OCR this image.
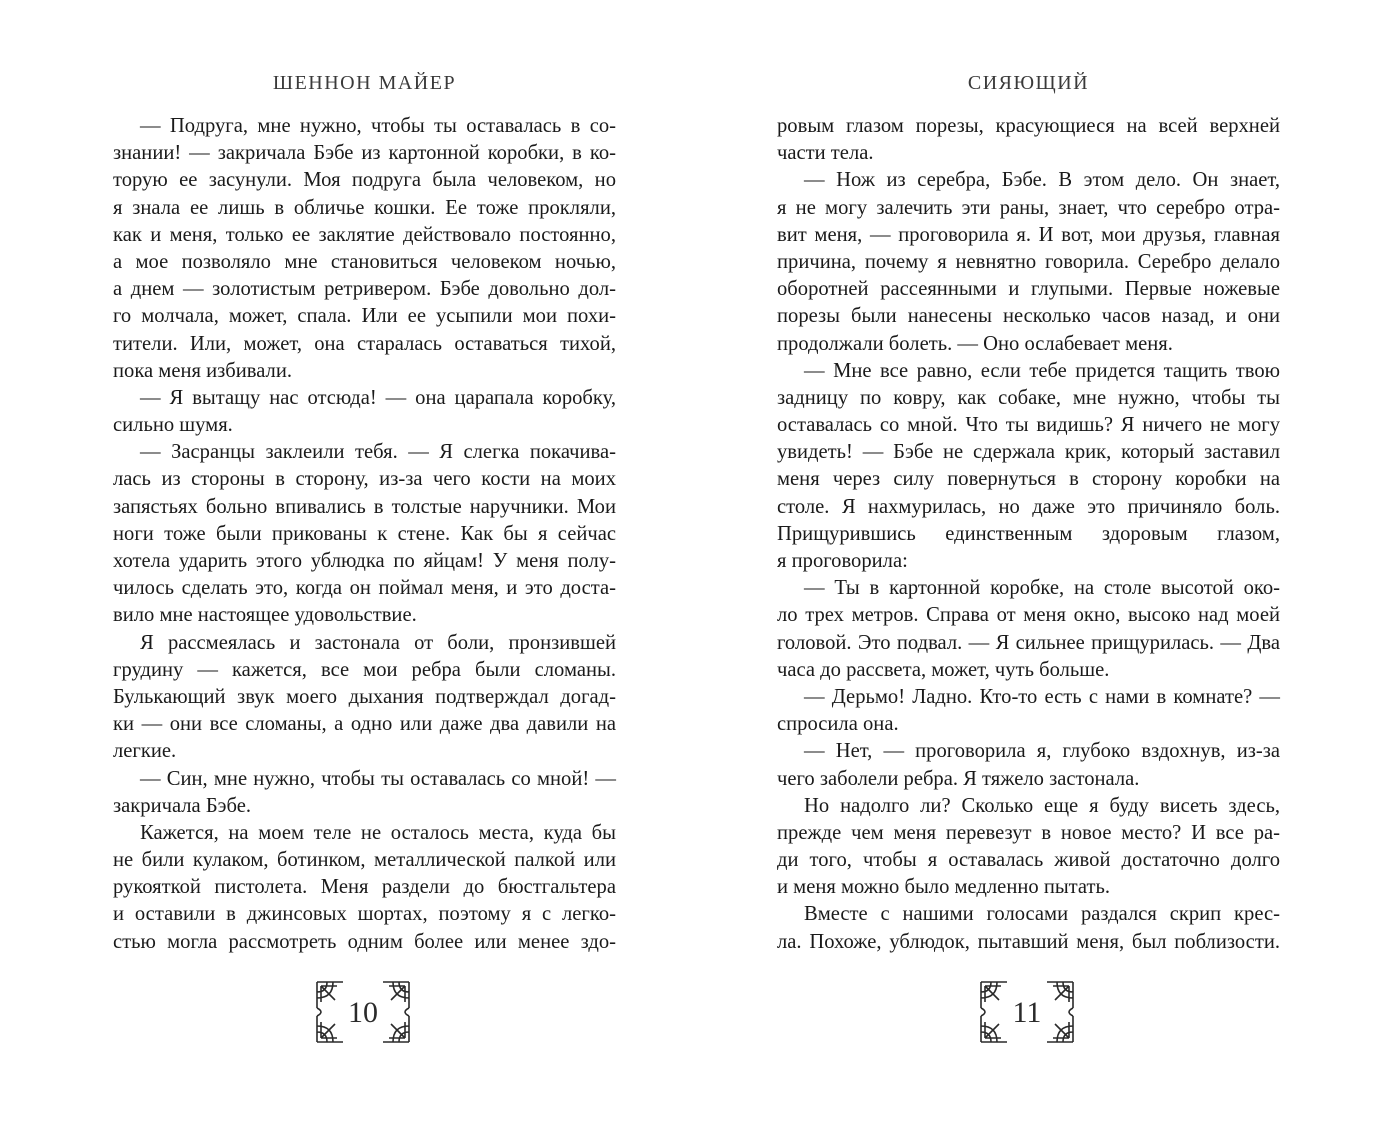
ШЕННОН МАЙЕР
— Подруга, мне нужно, чтобы ты оставалась в со-
знании! — закричала Бэбе из картонной коробки, в ко-
торую ее засунули. Моя подруга была человеком, но
я знала ее лишь в обличье кошки. Ее тоже прокляли,
как и меня, только ее заклятие действовало постоянно,
а мое позволяло мне становиться человеком ночью,
а днем — золотистым ретривером. Бэбе довольно дол-
го молчала, может, спала. Или ее усыпили мои похи-
тители. Или, может, она старалась оставаться тихой,
пока меня избивали.
— Я вытащу нас отсюда! — она царапала коробку,
сильно шумя.
— Засранцы заклеили тебя. — Я слегка покачива-
лась из стороны в сторону, из-за чего кости на моих
запястьях больно впивались в толстые наручники. Мои
ноги тоже были прикованы к стене. Как бы я сейчас
хотела ударить этого ублюдка по яйцам! У меня полу-
чилось сделать это, когда он поймал меня, и это доста-
вило мне настоящее удовольствие.
Я рассмеялась и застонала от боли, пронзившей
грудину — кажется, все мои ребра были сломаны.
Булькающий звук моего дыхания подтверждал догад-
ки — они все сломаны, а одно или даже два давили на
легкие.
— Син, мне нужно, чтобы ты оставалась со мной! —
закричала Бэбе.
Кажется, на моем теле не осталось места, куда бы
не били кулаком, ботинком, металлической палкой или
рукояткой пистолета. Меня раздели до бюстгальтера
и оставили в джинсовых шортах, поэтому я с легко-
стью могла рассмотреть одним более или менее здо-
10
СИЯЮЩИЙ
ровым глазом порезы, красующиеся на всей верхней
части тела.
— Нож из серебра, Бэбе. В этом дело. Он знает,
я не могу залечить эти раны, знает, что серебро отра-
вит меня, — проговорила я. И вот, мои друзья, главная
причина, почему я невнятно говорила. Серебро делало
оборотней рассеянными и глупыми. Первые ножевые
порезы были нанесены несколько часов назад, и они
продолжали болеть. — Оно ослабевает меня.
— Мне все равно, если тебе придется тащить твою
задницу по ковру, как собаке, мне нужно, чтобы ты
оставалась со мной. Что ты видишь? Я ничего не могу
увидеть! — Бэбе не сдержала крик, который заставил
меня через силу повернуться в сторону коробки на
столе. Я нахмурилась, но даже это причиняло боль.
Прищурившись единственным здоровым глазом,
я проговорила:
— Ты в картонной коробке, на столе высотой око-
ло трех метров. Справа от меня окно, высоко над моей
головой. Это подвал. — Я сильнее прищурилась. — Два
часа до рассвета, может, чуть больше.
— Дерьмо! Ладно. Кто-то есть с нами в комнате? —
спросила она.
— Нет, — проговорила я, глубоко вздохнув, из-за
чего заболели ребра. Я тяжело застонала.
Но надолго ли? Сколько еще я буду висеть здесь,
прежде чем меня перевезут в новое место? И все ра-
ди того, чтобы я оставалась живой достаточно долго
и меня можно было медленно пытать.
Вместе с нашими голосами раздался скрип крес-
ла. Похоже, ублюдок, пытавший меня, был поблизости.
11
